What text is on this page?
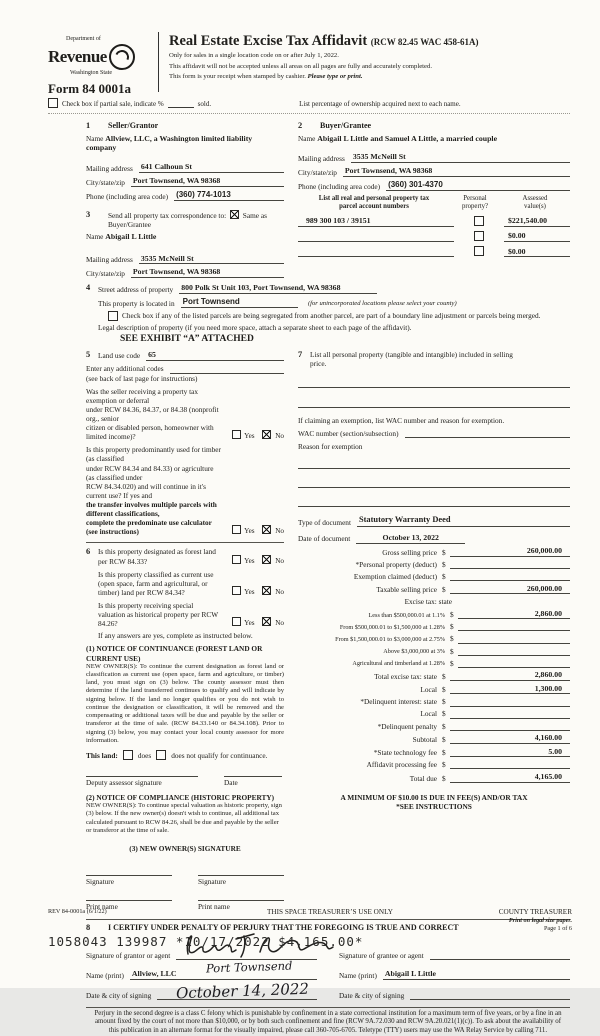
Department of
Revenue
Washington State
Form 84 0001a
Real Estate Excise Tax Affidavit (RCW 82.45 WAC 458-61A)
Only for sales in a single location code on or after July 1, 2022.
This affidavit will not be accepted unless all areas on all pages are fully and accurately completed.
This form is your receipt when stamped by cashier. Please type or print.
Check box if partial sale, indicate %	sold.	List percentage of ownership acquired next to each name.
1	Seller/Grantor
Name Allview, LLC, a Washington limited liability company
Mailing address	641 Calhoun St
City/state/zip	Port Townsend, WA 98368
Phone (including area code)	(360) 774-1013
3	Send all property tax correspondence to: Same as Buyer/Grantee
Name Abigail L Little
Mailing address	3535 McNeill St
City/state/zip	Port Townsend, WA 98368
2	Buyer/Grantee
Name Abigail L Little and Samuel A Little, a married couple
Mailing address	3535 McNeill St
City/state/zip	Port Townsend, WA 98368
Phone (including area code)	(360) 301-4370
List all real and personal property tax
parcel account numbers
Personal
property?
Assessed
value(s)
989 300 103 / 39151	$221,540.00
$0.00
$0.00
4	Street address of property	800 Polk St Unit 103, Port Townsend, WA 98368
This property is located in	Port Townsend	(for unincorporated locations please select your county)
Check box if any of the listed parcels are being segregated from another parcel, are part of a boundary line adjustment or parcels being merged.
Legal description of property (if you need more space, attach a separate sheet to each page of the affidavit).
SEE EXHIBIT “A” ATTACHED
5	Land use code	65
Enter any additional codes
(see back of last page for instructions)
Was the seller receiving a property tax exemption or deferral
under RCW 84.36, 84.37, or 84.38 (nonprofit org., senior
citizen or disabled person, homeowner with limited income)?	Yes	No
Is this property predominantly used for timber (as classified
under RCW 84.34 and 84.33) or agriculture (as classified under
RCW 84.34.020) and will continue in it's current use? If yes and
the transfer involves multiple parcels with different classifications,
complete the predominate use calculator (see instructions)	Yes	No
6	Is this property designated as forest land per RCW 84.33?	Yes	No
Is this property classified as current use (open space, farm and agricultural, or timber) land per RCW 84.34?	Yes	No
Is this property receiving special valuation as historical property per RCW 84.26?	Yes	No
If any answers are yes, complete as instructed below.
(1) NOTICE OF CONTINUANCE (FOREST LAND OR CURRENT USE)
NEW OWNER(S): To continue the current designation as forest land or classification as current use (open space, farm and agriculture, or timber) land, you must sign on (3) below. The county assessor must then determine if the land transferred continues to qualify and will indicate by signing below. If the land no longer qualifies or you do not wish to continue the designation or classification, it will be removed and the compensating or additional taxes will be due and payable by the seller or transferor at the time of sale. (RCW 84.33.140 or 84.34.108). Prior to signing (3) below, you may contact your local county assessor for more information.
This land:	does	does not qualify for continuance.
Deputy assessor signature	Date
(2) NOTICE OF COMPLIANCE (HISTORIC PROPERTY)
NEW OWNER(S): To continue special valuation as historic property, sign (3) below. If the new owner(s) doesn't wish to continue, all additional tax calculated pursuant to RCW 84.26, shall be due and payable by the seller or transferor at the time of sale.
(3) NEW OWNER(S) SIGNATURE
Signature	Signature
Print name	Print name
7	List all personal property (tangible and intangible) included in selling
price.
If claiming an exemption, list WAC number and reason for exemption.
WAC number (section/subsection)
Reason for exemption
Type of document Statutory Warranty Deed
Date of document	October 13, 2022
Gross selling price $	260,000.00
*Personal property (deduct) $
Exemption claimed (deduct) $
Taxable selling price $	260,000.00
Excise tax: state
Less than $500,000.01 at 1.1% $	2,860.00
From $500,000.01 to $1,500,000 at 1.28% $
From $1,500,000.01 to $3,000,000 at 2.75% $
Above $3,000,000 at 3% $
Agricultural and timberland at 1.28% $
Total excise tax: state $	2,860.00
Local $	1,300.00
*Delinquent interest: state $
Local $
*Delinquent penalty $
Subtotal $	4,160.00
*State technology fee $	5.00
Affidavit processing fee $
Total due $	4,165.00
A MINIMUM OF $10.00 IS DUE IN FEE(S) AND/OR TAX
*SEE INSTRUCTIONS
8	I CERTIFY UNDER PENALTY OF PERJURY THAT THE FOREGOING IS TRUE AND CORRECT
Signature of grantor or agent
Name (print)	Allview, LLC	Port Townsend
Date & city of signing	October 14, 2022
Signature of grantee or agent
Name (print)	Abigail L Little
Date & city of signing
Perjury in the second degree is a class C felony which is punishable by confinement in a state correctional institution for a maximum term of five years, or by a fine in an amount fixed by the court of not more than $10,000, or by both such confinement and fine (RCW 9A.72.030 and RCW 9A.20.021(1)(c)). To ask about the availability of this publication in an alternate format for the visually impaired, please call 360-705-6705. Teletype (TTY) users may use the WA Relay Service by calling 711.
REV 84-0001a (6/1/22)	THIS SPACE TREASURER’S USE ONLY	COUNTY TREASURER
Print on legal size paper.
Page 1 of 6
1058043 139987 *10/17/2022 $4,165.00*
